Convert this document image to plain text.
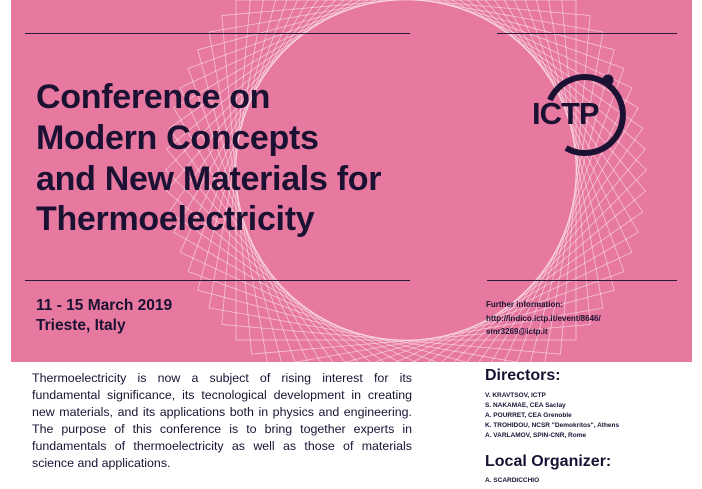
Conference on
Modern Concepts
and New Materials for
Thermoelectricity
11 - 15 March 2019
Trieste, Italy
Further information:
http://indico.ictp.it/event/8646/
smr3269@ictp.it
ICTP

Thermoelectricity is now a subject of rising interest for its fundamental significance, its tecnological development in creating new materials, and its applications both in physics and engineering. The purpose of this conference is to bring together experts in fundamentals of thermoelectricity as well as those of materials science and applications.

Directors:
V. KRAVTSOV, ICTP
S. NAKAMAE, CEA Saclay
A. POURRET, CEA Grenoble
K. TROHIDOU, NCSR "Demokritos", Athens
A. VARLAMOV, SPIN-CNR, Rome
Local Organizer:
A. SCARDICCHIO
